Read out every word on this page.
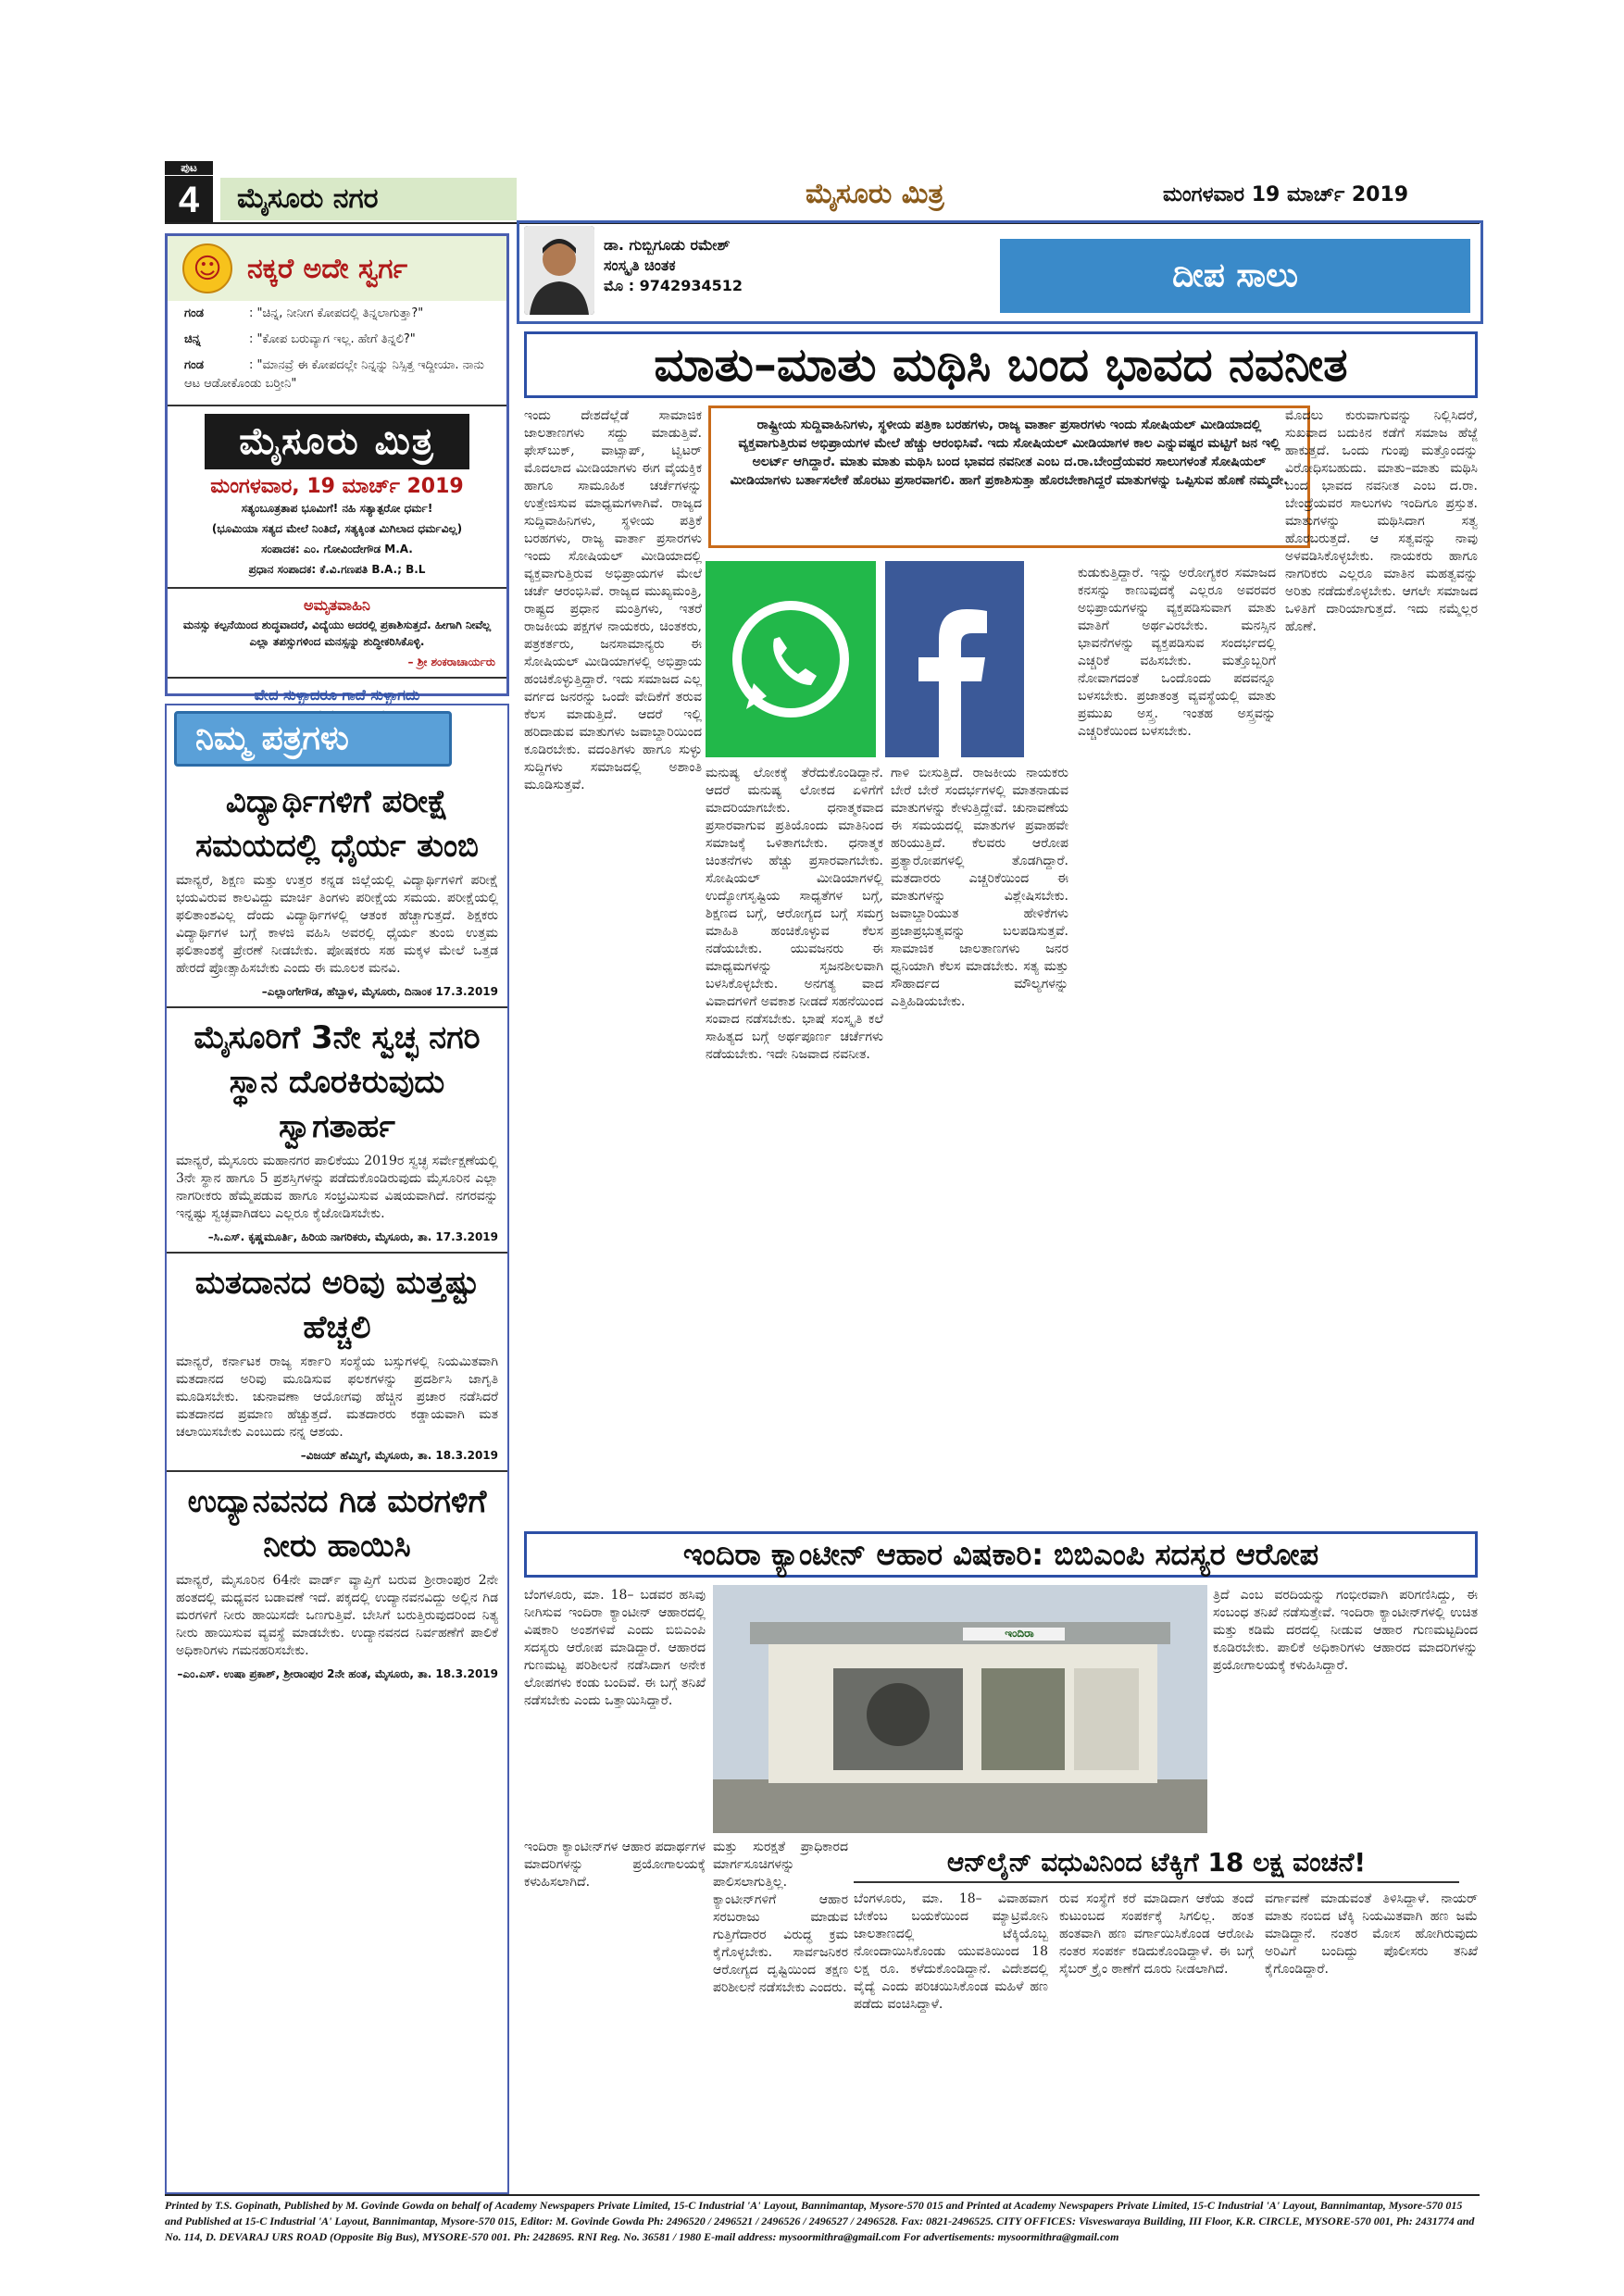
ಪುಟ
4	ಮೈಸೂರು ನಗರ	ಮೈಸೂರು ಮಿತ್ರ	ಮಂಗಳವಾರ 19 ಮಾರ್ಚ್ 2019
☺ ನಕ್ಕರೆ ಅದೇ ಸ್ವರ್ಗ
ಗಂಡ	: "ಚಿನ್ನ, ನೀನೀಗ ಕೋಪದಲ್ಲಿ ತಿನ್ನಲಾಗುತ್ತಾ?"
ಚಿನ್ನ	: "ಕೋಪ ಬರುವ್ಯಾಗ ಇಲ್ಲ. ಹೇಗೆ ತಿನ್ನಲಿ?"
ಗಂಡ	: "ಮಾನವ್ರೆ ಈ ಕೋಪದಲ್ಲೇ ನಿನ್ನನ್ನು ನಿಸ್ಸಿತ್ತ ಇದ್ದೀಯಾ. ನಾನು ಆಟ ಆಡೋಕೊಂಡು ಬರ್‍ತೀನಿ"
ಮೈಸೂರು ಮಿತ್ರ
ಮಂಗಳವಾರ, 19 ಮಾರ್ಚ್ 2019
ಸತ್ಯಂಬೂತ್ರತಾಪ ಭೂಮಿಗೆ! ನಹಿ ಸತ್ಯಾತ್ಪರೋ ಧರ್ಮ!
(ಭೂಮಿಯಾ ಸತ್ಯದ ಮೇಲೆ ನಿಂತಿದೆ, ಸತ್ಯಕ್ಕಿಂತ ಮಿಗಿಲಾದ ಧರ್ಮವಿಲ್ಲ)
ಸಂಪಾದಕ: ಎಂ. ಗೋವಿಂದೇಗೌಡ M.A.
ಪ್ರಧಾನ ಸಂಪಾದಕ: ಕೆ.ವಿ.ಗಣಪತಿ B.A.; B.L
ಅಮೃತವಾಹಿನಿ
ಮನಸ್ಸು ಕಲ್ಪನೆಯಿಂದ ಶುದ್ಧವಾದರೆ, ವಿದ್ಯೆಯು ಅದರಲ್ಲಿ ಪ್ರಕಾಶಿಸುತ್ತದೆ. ಹೀಗಾಗಿ ನೀವೆಲ್ಲ ಎಲ್ಲಾ ತಪಸ್ಸುಗಳಿಂದ ಮನಸ್ಸನ್ನು ಶುದ್ಧೀಕರಿಸಿಕೊಳ್ಳಿ.
– ಶ್ರೀ ಶಂಕರಾಚಾರ್ಯರು
ವೇದ ಸುಳ್ಳಾದರೂ ಗಾದೆ ಸುಳ್ಳಾಗದು
ನಿಮ್ಮ ಪತ್ರಗಳು
ವಿದ್ಯಾರ್ಥಿಗಳಿಗೆ ಪರೀಕ್ಷೆ ಸಮಯದಲ್ಲಿ ಧೈರ್ಯ ತುಂಬಿ

ಮಾನ್ಯರೆ, ಶಿಕ್ಷಣ ಮತ್ತು ಉತ್ತರ ಕನ್ನಡ ಜಿಲ್ಲೆಯಲ್ಲಿ ವಿದ್ಯಾರ್ಥಿಗಳಿಗೆ ಪರೀಕ್ಷೆ ಭಯವಿರುವ ಕಾಲವಿದ್ದು ಮಾರ್ಚಿ ತಿಂಗಳು ಪರೀಕ್ಷೆಯ ಸಮಯ. ಪರೀಕ್ಷೆಯಲ್ಲಿ ಫಲಿತಾಂಶವಿಲ್ಲ ದೆಂದು ವಿದ್ಯಾರ್ಥಿಗಳಲ್ಲಿ ಆತಂಕ ಹೆಚ್ಚಾಗುತ್ತದೆ. ಶಿಕ್ಷಕರು ವಿದ್ಯಾರ್ಥಿಗಳ ಬಗ್ಗೆ ಕಾಳಜಿ ವಹಿಸಿ ಅವರಲ್ಲಿ ಧೈರ್ಯ ತುಂಬಿ ಉತ್ತಮ ಫಲಿತಾಂಶಕ್ಕೆ ಪ್ರೇರಣೆ ನೀಡಬೇಕು. ಪೋಷಕರು ಸಹ ಮಕ್ಕಳ ಮೇಲೆ ಒತ್ತಡ ಹೇರದೆ ಪ್ರೋತ್ಸಾಹಿಸಬೇಕು ಎಂದು ಈ ಮೂಲಕ ಮನವಿ.

–ಎಲ್ಲಾಂಗೇಗೌಡ, ಹೆಬ್ಬಾಳ, ಮೈಸೂರು, ದಿನಾಂಕ 17.3.2019
ಮೈಸೂರಿಗೆ 3ನೇ ಸ್ವಚ್ಛ ನಗರಿ ಸ್ಥಾನ ದೊರಕಿರುವುದು ಸ್ವಾಗತಾರ್ಹ

ಮಾನ್ಯರೆ, ಮೈಸೂರು ಮಹಾನಗರ ಪಾಲಿಕೆಯು 2019ರ ಸ್ವಚ್ಛ ಸರ್ವೇಕ್ಷಣೆಯಲ್ಲಿ 3ನೇ ಸ್ಥಾನ ಹಾಗೂ 5 ಪ್ರಶಸ್ತಿಗಳನ್ನು ಪಡೆದುಕೊಂಡಿರುವುದು ಮೈಸೂರಿನ ಎಲ್ಲಾ ನಾಗರೀಕರು ಹೆಮ್ಮೆಪಡುವ ಹಾಗೂ ಸಂಭ್ರಮಿಸುವ ವಿಷಯವಾಗಿದೆ. ನಗರವನ್ನು ಇನ್ನಷ್ಟು ಸ್ವಚ್ಛವಾಗಿಡಲು ಎಲ್ಲರೂ ಕೈಜೋಡಿಸಬೇಕು.

–ಸಿ.ಎಸ್. ಕೃಷ್ಣಮೂರ್ತಿ, ಹಿರಿಯ ನಾಗರಿಕರು, ಮೈಸೂರು, ತಾ. 17.3.2019
ಮತದಾನದ ಅರಿವು ಮತ್ತಷ್ಟು ಹೆಚ್ಚಲಿ

ಮಾನ್ಯರೆ, ಕರ್ನಾಟಕ ರಾಜ್ಯ ಸರ್ಕಾರಿ ಸಂಸ್ಥೆಯ ಬಸ್ಸುಗಳಲ್ಲಿ ನಿಯಮಿತವಾಗಿ ಮತದಾನದ ಅರಿವು ಮೂಡಿಸುವ ಫಲಕಗಳನ್ನು ಪ್ರದರ್ಶಿಸಿ ಜಾಗೃತಿ ಮೂಡಿಸಬೇಕು. ಚುನಾವಣಾ ಆಯೋಗವು ಹೆಚ್ಚಿನ ಪ್ರಚಾರ ನಡೆಸಿದರೆ ಮತದಾನದ ಪ್ರಮಾಣ ಹೆಚ್ಚುತ್ತದೆ. ಮತದಾರರು ಕಡ್ಡಾಯವಾಗಿ ಮತ ಚಲಾಯಿಸಬೇಕು ಎಂಬುದು ನನ್ನ ಆಶಯ.

–ವಿಜಯ್ ಹೆಮ್ಮಿಗೆ, ಮೈಸೂರು, ತಾ. 18.3.2019
ಉದ್ಯಾನವನದ ಗಿಡ ಮರಗಳಿಗೆ ನೀರು ಹಾಯಿಸಿ

ಮಾನ್ಯರೆ, ಮೈಸೂರಿನ 64ನೇ ವಾರ್ಡ್ ವ್ಯಾಪ್ತಿಗೆ ಬರುವ ಶ್ರೀರಾಂಪುರ 2ನೇ ಹಂತದಲ್ಲಿ ಮಧ್ಯವನ ಬಡಾವಣೆ ಇದೆ. ಪಕ್ಕದಲ್ಲಿ ಉದ್ಯಾನವನವಿದ್ದು ಅಲ್ಲಿನ ಗಿಡ ಮರಗಳಿಗೆ ನೀರು ಹಾಯಿಸದೇ ಒಣಗುತ್ತಿವೆ. ಬೇಸಿಗೆ ಬರುತ್ತಿರುವುದರಿಂದ ನಿತ್ಯ ನೀರು ಹಾಯಿಸುವ ವ್ಯವಸ್ಥೆ ಮಾಡಬೇಕು. ಉದ್ಯಾನವನದ ನಿರ್ವಹಣೆಗೆ ಪಾಲಿಕೆ ಅಧಿಕಾರಿಗಳು ಗಮನಹರಿಸಬೇಕು.

–ಎಂ.ಎಸ್. ಉಷಾ ಪ್ರಕಾಶ್, ಶ್ರೀರಾಂಪುರ 2ನೇ ಹಂತ, ಮೈಸೂರು, ತಾ. 18.3.2019
ಡಾ. ಗುಬ್ಬಿಗೂಡು ರಮೇಶ್
ಸಂಸ್ಕೃತಿ ಚಿಂತಕ
ಮೊ : 9742934512	ದೀಪ ಸಾಲು
ಮಾತು–ಮಾತು ಮಥಿಸಿ ಬಂದ ಭಾವದ ನವನೀತ

ಇಂದು ದೇಶದೆಲ್ಲೆಡೆ ಸಾಮಾಜಿಕ ಜಾಲತಾಣಗಳು ಸದ್ದು ಮಾಡುತ್ತಿವೆ. ಫೇಸ್‌ಬುಕ್, ವಾಟ್ಸಾಪ್, ಟ್ವಿಟರ್ ಮೊದಲಾದ ಮೀಡಿಯಾಗಳು ಈಗ ವೈಯಕ್ತಿಕ ಹಾಗೂ ಸಾಮೂಹಿಕ ಚರ್ಚೆಗಳನ್ನು ಉತ್ತೇಜಿಸುವ ಮಾಧ್ಯಮಗಳಾಗಿವೆ. ರಾಜ್ಯದ ಸುದ್ದಿವಾಹಿನಿಗಳು, ಸ್ಥಳೀಯ ಪತ್ರಿಕೆ ಬರಹಗಳು, ರಾಜ್ಯ ವಾರ್ತಾ ಪ್ರಸಾರಗಳು ಇಂದು ಸೋಷಿಯಲ್ ಮೀಡಿಯಾದಲ್ಲಿ ವ್ಯಕ್ತವಾಗುತ್ತಿರುವ ಅಭಿಪ್ರಾಯಗಳ ಮೇಲೆ ಚರ್ಚೆ ಆರಂಭಿಸಿವೆ. ರಾಜ್ಯದ ಮುಖ್ಯಮಂತ್ರಿ, ರಾಷ್ಟ್ರದ ಪ್ರಧಾನ ಮಂತ್ರಿಗಳು, ಇತರೆ ರಾಜಕೀಯ ಪಕ್ಷಗಳ ನಾಯಕರು, ಚಿಂತಕರು, ಪತ್ರಕರ್ತರು, ಜನಸಾಮಾನ್ಯರು ಈ ಸೋಷಿಯಲ್ ಮೀಡಿಯಾಗಳಲ್ಲಿ ಅಭಿಪ್ರಾಯ ಹಂಚಿಕೊಳ್ಳುತ್ತಿದ್ದಾರೆ. ಇದು ಸಮಾಜದ ಎಲ್ಲ ವರ್ಗದ ಜನರನ್ನು ಒಂದೇ ವೇದಿಕೆಗೆ ತರುವ ಕೆಲಸ ಮಾಡುತ್ತಿದೆ. ಆದರೆ ಇಲ್ಲಿ ಹರಿದಾಡುವ ಮಾತುಗಳು ಜವಾಬ್ದಾರಿಯಿಂದ ಕೂಡಿರಬೇಕು. ವದಂತಿಗಳು ಹಾಗೂ ಸುಳ್ಳು ಸುದ್ದಿಗಳು ಸಮಾಜದಲ್ಲಿ ಅಶಾಂತಿ ಮೂಡಿಸುತ್ತವೆ.

ರಾಷ್ಟ್ರೀಯ ಸುದ್ದಿವಾಹಿನಿಗಳು, ಸ್ಥಳೀಯ ಪತ್ರಿಕಾ ಬರಹಗಳು, ರಾಜ್ಯ ವಾರ್ತಾ ಪ್ರಸಾರಗಳು ಇಂದು ಸೋಷಿಯಲ್ ಮೀಡಿಯಾದಲ್ಲಿ ವ್ಯಕ್ತವಾಗುತ್ತಿರುವ ಅಭಿಪ್ರಾಯಗಳ ಮೇಲೆ ಹೆಚ್ಚು ಆರಂಭಿಸಿವೆ. ಇದು ಸೋಷಿಯಲ್ ಮೀಡಿಯಾಗಳ ಕಾಲ ಎನ್ನುವಷ್ಟರ ಮಟ್ಟಿಗೆ ಜನ ಇಲ್ಲಿ ಅಲರ್ಟ್ ಆಗಿದ್ದಾರೆ. ಮಾತು ಮಾತು ಮಥಿಸಿ ಬಂದ ಭಾವದ ನವನೀತ ಎಂಬ ದ.ರಾ.ಬೇಂದ್ರೆಯವರ ಸಾಲುಗಳಂತೆ ಸೋಷಿಯಲ್ ಮೀಡಿಯಾಗಳು ಬರ್ತಾಸಲೇಕೆ ಹೊರಟು ಪ್ರಸಾರವಾಗಲಿ. ಹಾಗೆ ಪ್ರಕಾಶಿಸುತ್ತಾ ಹೊರಬೇಕಾಗಿದ್ದರೆ ಮಾತುಗಳನ್ನು ಒಪ್ಪಿಸುವ ಹೊಣೆ ನಮ್ಮದೇ.

ಮನುಷ್ಯ ಲೋಕಕ್ಕೆ ತೆರೆದುಕೊಂಡಿದ್ದಾನೆ. ಆದರೆ ಮನುಷ್ಯ ಲೋಕದ ಏಳಿಗೆಗೆ ಮಾದರಿಯಾಗಬೇಕು. ಧನಾತ್ಮಕವಾದ ಪ್ರಸಾರವಾಗುವ ಪ್ರತಿಯೊಂದು ಮಾತಿನಿಂದ ಸಮಾಜಕ್ಕೆ ಒಳಿತಾಗಬೇಕು. ಧನಾತ್ಮಕ ಚಿಂತನೆಗಳು ಹೆಚ್ಚು ಪ್ರಸಾರವಾಗಬೇಕು. ಸೋಷಿಯಲ್ ಮೀಡಿಯಾಗಳಲ್ಲಿ ಉದ್ಯೋಗಸೃಷ್ಟಿಯ ಸಾಧ್ಯತೆಗಳ ಬಗ್ಗೆ, ಶಿಕ್ಷಣದ ಬಗ್ಗೆ, ಆರೋಗ್ಯದ ಬಗ್ಗೆ ಸಮಗ್ರ ಮಾಹಿತಿ ಹಂಚಿಕೊಳ್ಳುವ ಕೆಲಸ ನಡೆಯಬೇಕು. ಯುವಜನರು ಈ ಮಾಧ್ಯಮಗಳನ್ನು ಸೃಜನಶೀಲವಾಗಿ ಬಳಸಿಕೊಳ್ಳಬೇಕು. ಅನಗತ್ಯ ವಾದ ವಿವಾದಗಳಿಗೆ ಅವಕಾಶ ನೀಡದೆ ಸಹನೆಯಿಂದ ಸಂವಾದ ನಡೆಸಬೇಕು. ಭಾಷೆ ಸಂಸ್ಕೃತಿ ಕಲೆ ಸಾಹಿತ್ಯದ ಬಗ್ಗೆ ಅರ್ಥಪೂರ್ಣ ಚರ್ಚೆಗಳು ನಡೆಯಬೇಕು. ಇದೇ ನಿಜವಾದ ನವನೀತ.

ಗಾಳಿ ಬೀಸುತ್ತಿದೆ. ರಾಜಕೀಯ ನಾಯಕರು ಬೇರೆ ಬೇರೆ ಸಂದರ್ಭಗಳಲ್ಲಿ ಮಾತನಾಡುವ ಮಾತುಗಳನ್ನು ಕೇಳುತ್ತಿದ್ದೇವೆ. ಚುನಾವಣೆಯ ಈ ಸಮಯದಲ್ಲಿ ಮಾತುಗಳ ಪ್ರವಾಹವೇ ಹರಿಯುತ್ತಿದೆ. ಕೆಲವರು ಆರೋಪ ಪ್ರತ್ಯಾರೋಪಗಳಲ್ಲಿ ತೊಡಗಿದ್ದಾರೆ. ಮತದಾರರು ಎಚ್ಚರಿಕೆಯಿಂದ ಈ ಮಾತುಗಳನ್ನು ವಿಶ್ಲೇಷಿಸಬೇಕು. ಜವಾಬ್ದಾರಿಯುತ ಹೇಳಿಕೆಗಳು ಪ್ರಜಾಪ್ರಭುತ್ವವನ್ನು ಬಲಪಡಿಸುತ್ತವೆ. ಸಾಮಾಜಿಕ ಜಾಲತಾಣಗಳು ಜನರ ಧ್ವನಿಯಾಗಿ ಕೆಲಸ ಮಾಡಬೇಕು. ಸತ್ಯ ಮತ್ತು ಸೌಹಾರ್ದದ ಮೌಲ್ಯಗಳನ್ನು ಎತ್ತಿಹಿಡಿಯಬೇಕು.

ಕುಡುಕುತ್ತಿದ್ದಾರೆ. ಇನ್ನು ಅರೋಗ್ಯಕರ ಸಮಾಜದ ಕನಸನ್ನು ಕಾಣುವುದಕ್ಕೆ ಎಲ್ಲರೂ ಅವರವರ ಅಭಿಪ್ರಾಯಗಳನ್ನು ವ್ಯಕ್ತಪಡಿಸುವಾಗ ಮಾತು ಮಾತಿಗೆ ಅರ್ಥವಿರಬೇಕು. ಮನಸ್ಸಿನ ಭಾವನೆಗಳನ್ನು ವ್ಯಕ್ತಪಡಿಸುವ ಸಂದರ್ಭದಲ್ಲಿ ಎಚ್ಚರಿಕೆ ವಹಿಸಬೇಕು. ಮತ್ತೊಬ್ಬರಿಗೆ ನೋವಾಗದಂತೆ ಒಂದೊಂದು ಪದವನ್ನೂ ಬಳಸಬೇಕು. ಪ್ರಜಾತಂತ್ರ ವ್ಯವಸ್ಥೆಯಲ್ಲಿ ಮಾತು ಪ್ರಮುಖ ಅಸ್ತ್ರ. ಇಂತಹ ಅಸ್ತ್ರವನ್ನು ಎಚ್ಚರಿಕೆಯಿಂದ ಬಳಸಬೇಕು.

ಮೊದಲು ಕುರುವಾಗುವನ್ನು ನಿಲ್ಲಿಸಿದರೆ, ಸುಖವಾದ ಬದುಕಿನ ಕಡೆಗೆ ಸಮಾಜ ಹೆಜ್ಜೆ ಹಾಕುತ್ತದೆ. ಒಂದು ಗುಂಪು ಮತ್ತೊಂದನ್ನು ವಿರೋಧಿಸಬಹುದು. ಮಾತು–ಮಾತು ಮಥಿಸಿ ಬಂದ ಭಾವದ ನವನೀತ ಎಂಬ ದ.ರಾ. ಬೇಂದ್ರೆಯವರ ಸಾಲುಗಳು ಇಂದಿಗೂ ಪ್ರಸ್ತುತ. ಮಾತುಗಳನ್ನು ಮಥಿಸಿದಾಗ ಸತ್ವ ಹೊರಬರುತ್ತದೆ. ಆ ಸತ್ವವನ್ನು ನಾವು ಅಳವಡಿಸಿಕೊಳ್ಳಬೇಕು. ನಾಯಕರು ಹಾಗೂ ನಾಗರಿಕರು ಎಲ್ಲರೂ ಮಾತಿನ ಮಹತ್ವವನ್ನು ಅರಿತು ನಡೆದುಕೊಳ್ಳಬೇಕು. ಆಗಲೇ ಸಮಾಜದ ಒಳಿತಿಗೆ ದಾರಿಯಾಗುತ್ತದೆ. ಇದು ನಮ್ಮೆಲ್ಲರ ಹೊಣೆ.

ಇಂದಿರಾ ಕ್ಯಾಂಟೀನ್ ಆಹಾರ ವಿಷಕಾರಿ: ಬಿಬಿಎಂಪಿ ಸದಸ್ಯರ ಆರೋಪ

ಬೆಂಗಳೂರು, ಮಾ. 18– ಬಡವರ ಹಸಿವು ನೀಗಿಸುವ ಇಂದಿರಾ ಕ್ಯಾಂಟೀನ್‌ ಆಹಾರದಲ್ಲಿ ವಿಷಕಾರಿ ಅಂಶಗಳಿವೆ ಎಂದು ಬಿಬಿಎಂಪಿ ಸದಸ್ಯರು ಆರೋಪ ಮಾಡಿದ್ದಾರೆ. ಆಹಾರದ ಗುಣಮಟ್ಟ ಪರಿಶೀಲನೆ ನಡೆಸಿದಾಗ ಅನೇಕ ಲೋಪಗಳು ಕಂಡು ಬಂದಿವೆ. ಈ ಬಗ್ಗೆ ತನಿಖೆ ನಡೆಸಬೇಕು ಎಂದು ಒತ್ತಾಯಿಸಿದ್ದಾರೆ.

ಇಂದಿರಾ

ತ್ರಿದೆ ಎಂಬ ವರದಿಯನ್ನು ಗಂಭೀರವಾಗಿ ಪರಿಗಣಿಸಿದ್ದು, ಈ ಸಂಬಂಧ ತನಿಖೆ ನಡೆಸುತ್ತೇವೆ. ಇಂದಿರಾ ಕ್ಯಾಂಟೀನ್‌ಗಳಲ್ಲಿ ಉಚಿತ ಮತ್ತು ಕಡಿಮೆ ದರದಲ್ಲಿ ನೀಡುವ ಆಹಾರ ಗುಣಮಟ್ಟದಿಂದ ಕೂಡಿರಬೇಕು. ಪಾಲಿಕೆ ಅಧಿಕಾರಿಗಳು ಆಹಾರದ ಮಾದರಿಗಳನ್ನು ಪ್ರಯೋಗಾಲಯಕ್ಕೆ ಕಳುಹಿಸಿದ್ದಾರೆ.

ಮತ್ತು ಸುರಕ್ಷತೆ ಪ್ರಾಧಿಕಾರದ ಮಾರ್ಗಸೂಚಿಗಳನ್ನು ಪಾಲಿಸಲಾಗುತ್ತಿಲ್ಲ. ಕ್ಯಾಂಟೀನ್‌ಗಳಿಗೆ ಆಹಾರ ಸರಬರಾಜು ಮಾಡುವ ಗುತ್ತಿಗೆದಾರರ ವಿರುದ್ಧ ಕ್ರಮ ಕೈಗೊಳ್ಳಬೇಕು. ಸಾರ್ವಜನಿಕರ ಆರೋಗ್ಯದ ದೃಷ್ಟಿಯಿಂದ ತಕ್ಷಣ ಪರಿಶೀಲನೆ ನಡೆಸಬೇಕು ಎಂದರು.

ಇಂದಿರಾ ಕ್ಯಾಂಟೀನ್‌ಗಳ ಆಹಾರ ಪದಾರ್ಥಗಳ ಮಾದರಿಗಳನ್ನು ಪ್ರಯೋಗಾಲಯಕ್ಕೆ ಕಳುಹಿಸಲಾಗಿದೆ.

ಆನ್‌ಲೈನ್ ವಧುವಿನಿಂದ ಟೆಕ್ಕಿಗೆ 18 ಲಕ್ಷ ವಂಚನೆ!

ಬೆಂಗಳೂರು, ಮಾ. 18– ವಿವಾಹವಾಗ ಬೇಕೆಂಬ ಬಯಕೆಯಿಂದ ಮ್ಯಾಟ್ರಿಮೋನಿ ಜಾಲತಾಣದಲ್ಲಿ ಟೆಕ್ಕಿಯೊಬ್ಬ ನೋಂದಾಯಿಸಿಕೊಂಡು ಯುವತಿಯಿಂದ 18 ಲಕ್ಷ ರೂ. ಕಳೆದುಕೊಂಡಿದ್ದಾನೆ. ವಿದೇಶದಲ್ಲಿ ವೈದ್ಯೆ ಎಂದು ಪರಿಚಯಿಸಿಕೊಂಡ ಮಹಿಳೆ ಹಣ ಪಡೆದು ವಂಚಿಸಿದ್ದಾಳೆ.

ರುವ ಸಂಸ್ಥೆಗೆ ಕರೆ ಮಾಡಿದಾಗ ಆಕೆಯ ತಂದೆ ಕುಟುಂಬದ ಸಂಪರ್ಕಕ್ಕೆ ಸಿಗಲಿಲ್ಲ. ಹಂತ ಹಂತವಾಗಿ ಹಣ ವರ್ಗಾಯಿಸಿಕೊಂಡ ಆರೋಪಿ ನಂತರ ಸಂಪರ್ಕ ಕಡಿದುಕೊಂಡಿದ್ದಾಳೆ. ಈ ಬಗ್ಗೆ ಸೈಬರ್ ಕ್ರೈಂ ಠಾಣೆಗೆ ದೂರು ನೀಡಲಾಗಿದೆ.

ವರ್ಗಾವಣೆ ಮಾಡುವಂತೆ ತಿಳಿಸಿದ್ದಾಳೆ. ನಾಯರ್ ಮಾತು ನಂಬಿದ ಟೆಕ್ಕಿ ನಿಯಮಿತವಾಗಿ ಹಣ ಜಮೆ ಮಾಡಿದ್ದಾನೆ. ನಂತರ ಮೋಸ ಹೋಗಿರುವುದು ಅರಿವಿಗೆ ಬಂದಿದ್ದು ಪೊಲೀಸರು ತನಿಖೆ ಕೈಗೊಂಡಿದ್ದಾರೆ.

Printed by T.S. Gopinath, Published by M. Govinde Gowda on behalf of Academy Newspapers Private Limited, 15-C Industrial 'A' Layout, Bannimantap, Mysore-570 015 and Printed at Academy Newspapers Private Limited, 15-C Industrial 'A' Layout, Bannimantap, Mysore-570 015 and Published at 15-C Industrial 'A' Layout, Bannimantap, Mysore-570 015, Editor: M. Govinde Gowda Ph: 2496520 / 2496521 / 2496526 / 2496527 / 2496528. Fax: 0821-2496525. CITY OFFICES: Visveswaraya Building, III Floor, K.R. CIRCLE, MYSORE-570 001, Ph: 2431774 and No. 114, D. DEVARAJ URS ROAD (Opposite Big Bus), MYSORE-570 001. Ph: 2428695. RNI Reg. No. 36581 / 1980 E-mail address: mysoormithra@gmail.com For advertisements: mysoormithra@gmail.com
